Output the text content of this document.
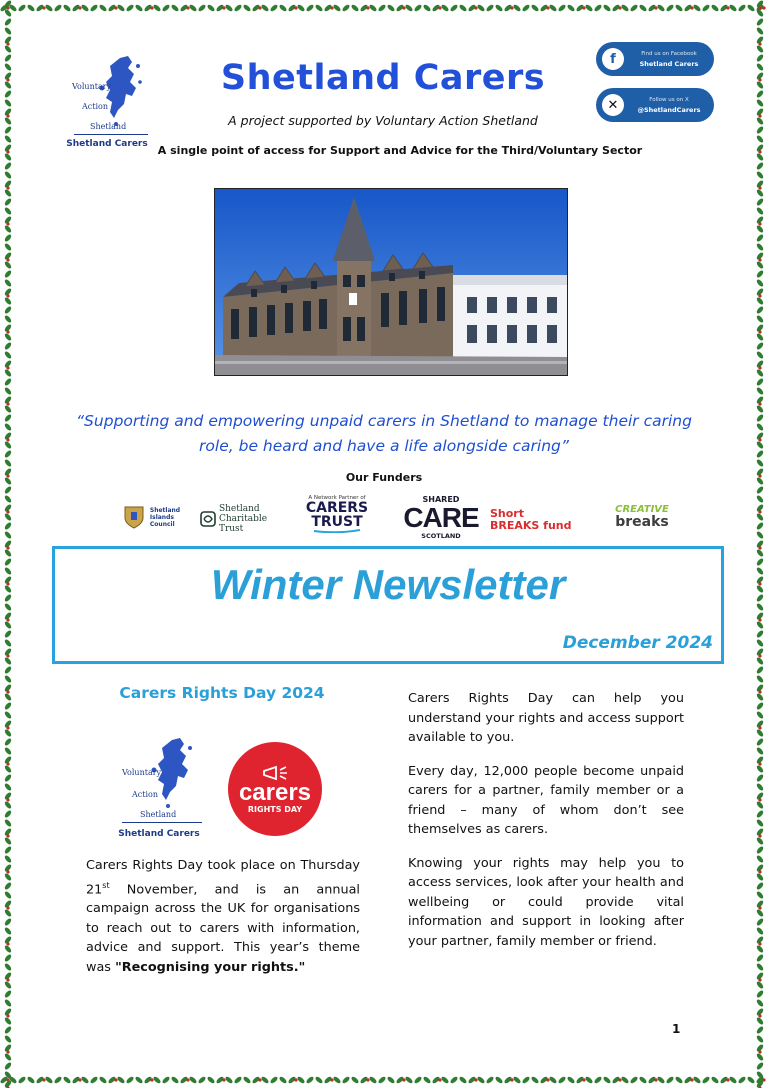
Voluntary
Action
Shetland
Shetland Carers
Shetland Carers
A project supported by Voluntary Action Shetland
A single point of access for Support and Advice for the Third/Voluntary Sector
f	Find us on Facebook
Shetland Carers
✕	Follow us on X
@ShetlandCarers
“Supporting and empowering unpaid carers in Shetland to manage their caring role, be heard and have a life alongside caring”
Our Funders
Shetland
Islands
Council
Shetland
Charitable Trust
A Network Partner of
CARERS
TRUST
SHARED
CARE
SCOTLAND
Short
BREAKS fund
CREATIVE
breaks
Winter Newsletter
December 2024
Carers Rights Day 2024
Voluntary
Action
Shetland
Shetland Carers
carers
RIGHTS DAY

Carers Rights Day took place on Thursday 21st November, and is an annual campaign across the UK for organisations to reach out to carers with information, advice and support. This year’s theme was "Recognising your rights."

Carers Rights Day can help you understand your rights and access support available to you.

Every day, 12,000 people become unpaid carers for a partner, family member or a friend – many of whom don’t see themselves as carers.

Knowing your rights may help you to access services, look after your health and wellbeing or could provide vital information and support in looking after your partner, family member or friend.

1
